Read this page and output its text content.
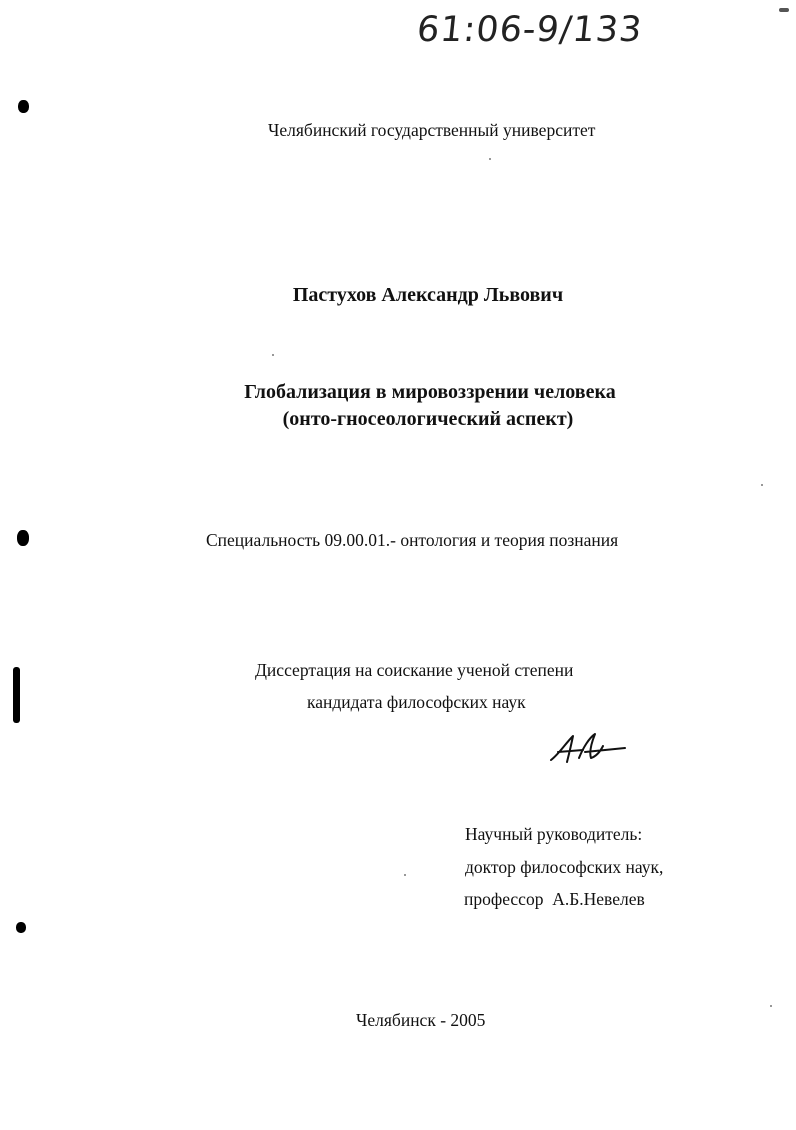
61:06-9/133
Челябинский государственный университет
Пастухов Александр Львович
Глобализация в мировоззрении человека
(онто-гносеологический аспект)
Специальность 09.00.01.- онтология и теория познания
Диссертация на соискание ученой степени
кандидата философских наук
Научный руководитель:
доктор философских наук,
профессор  А.Б.Невелев
Челябинск - 2005
